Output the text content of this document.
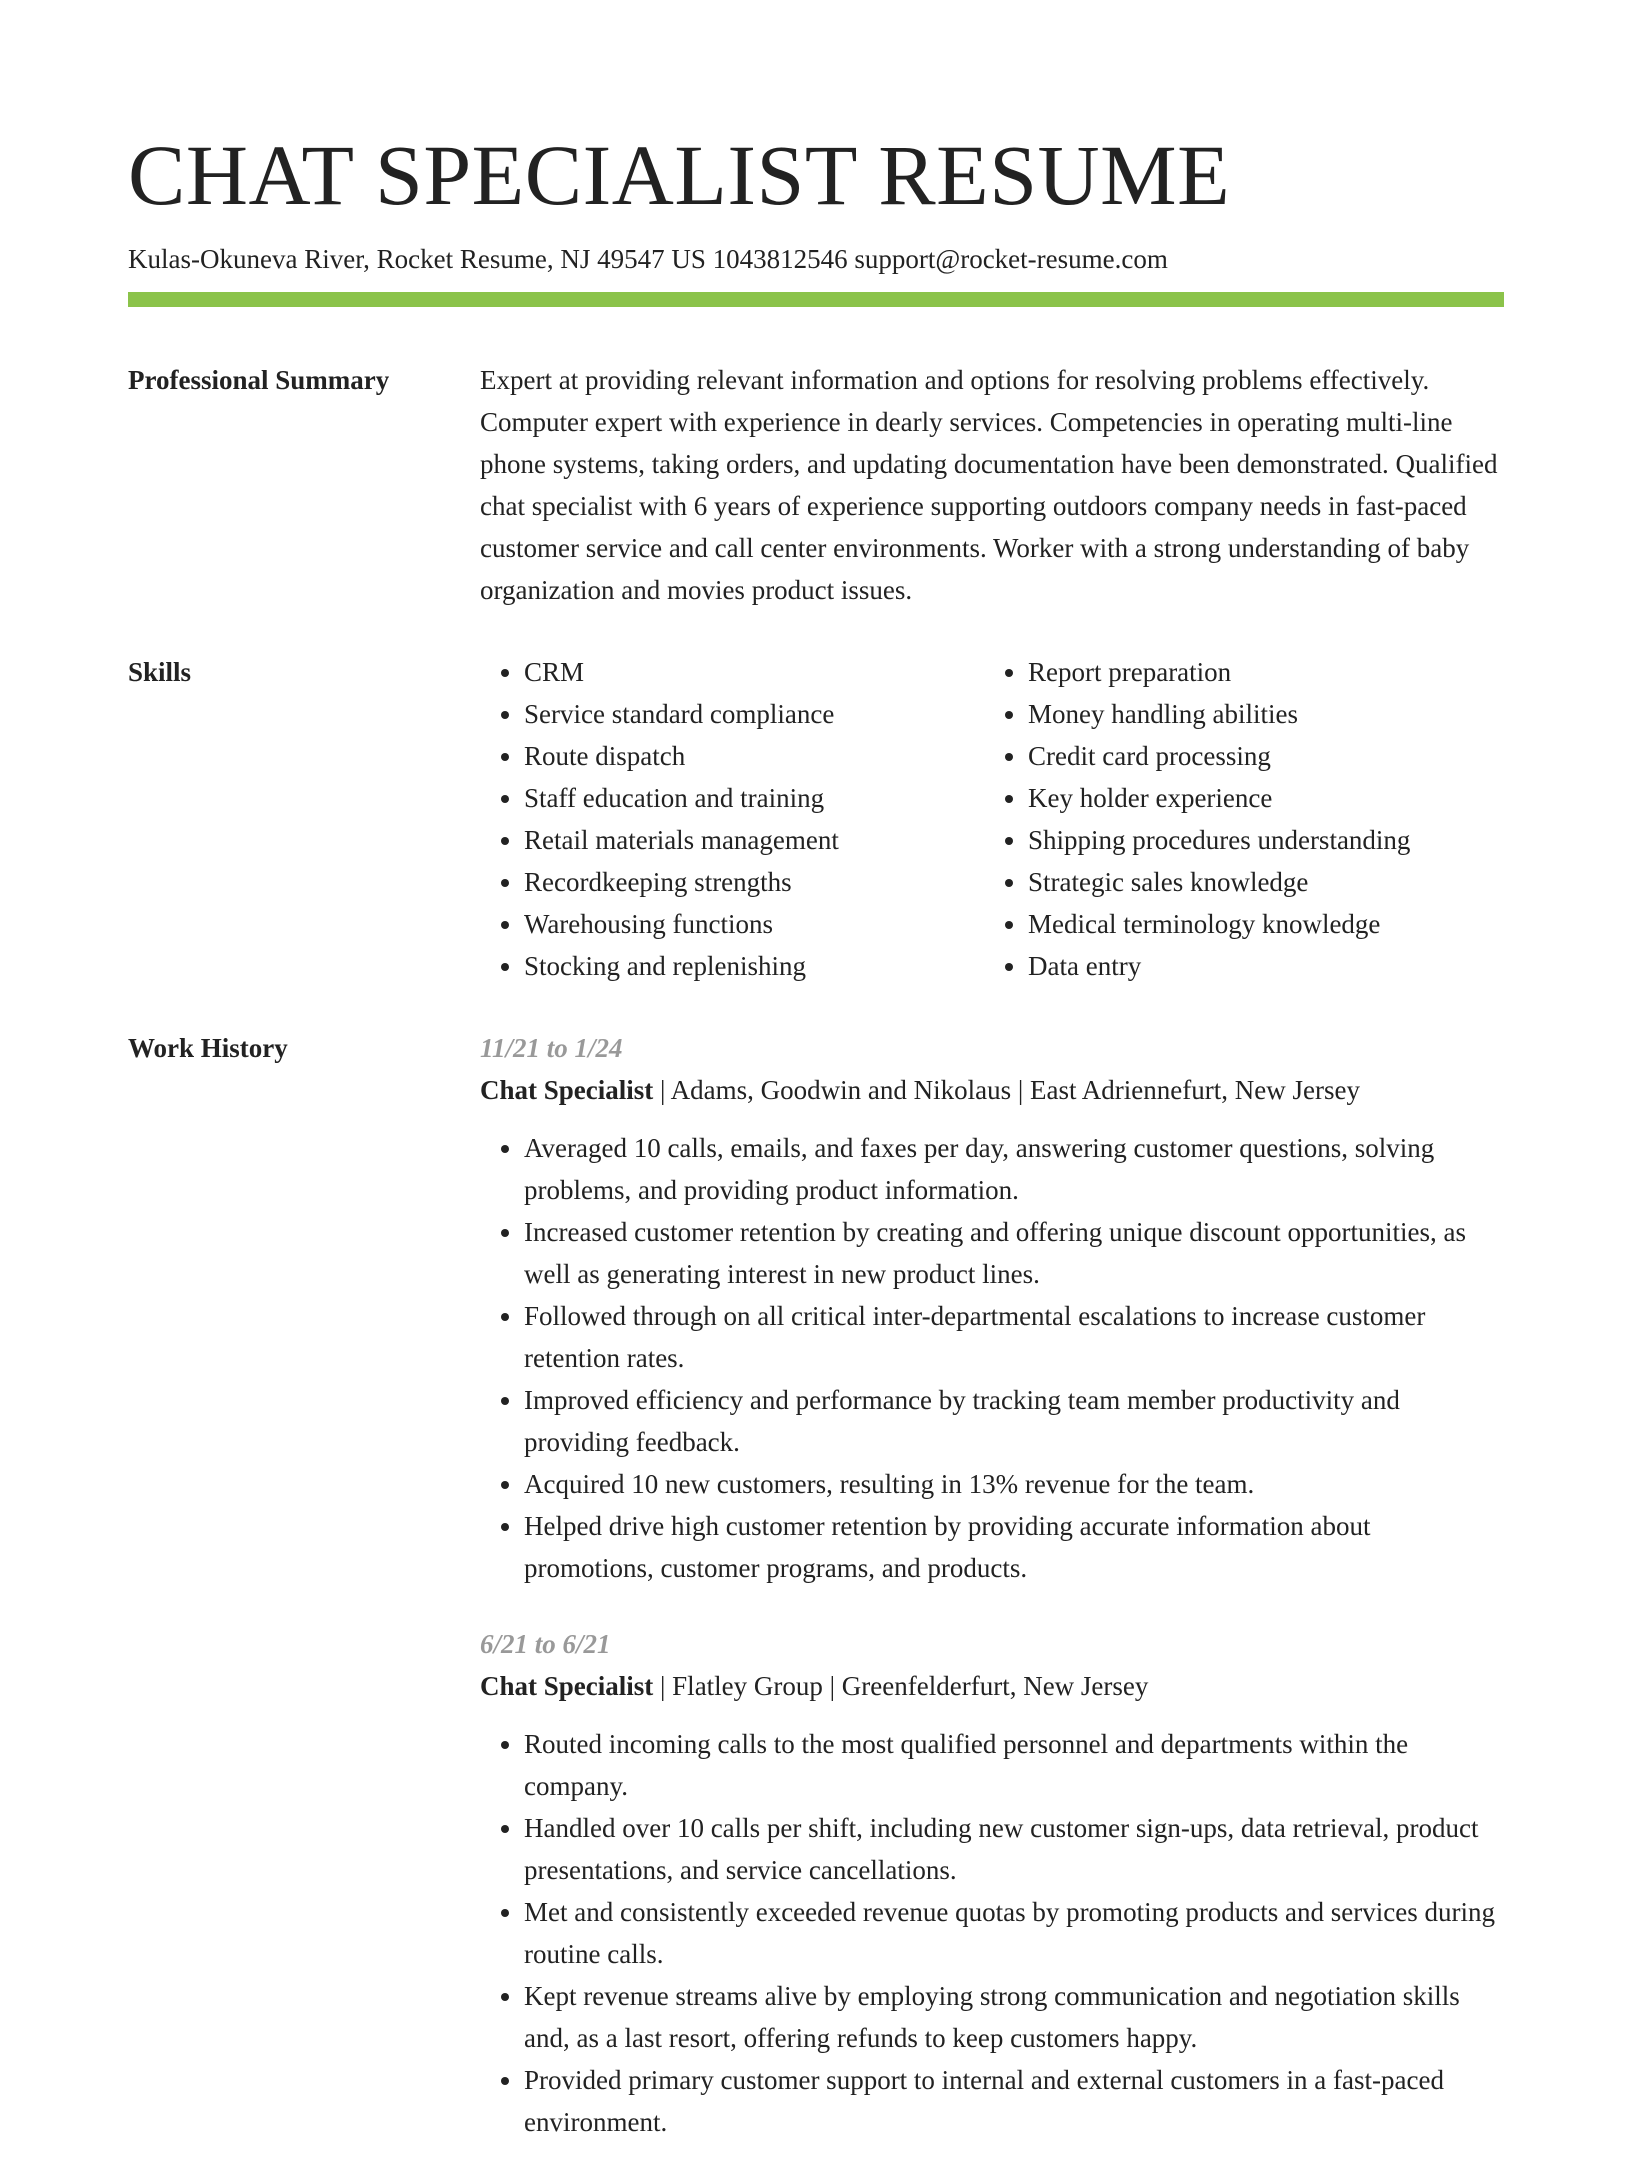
CHAT SPECIALIST RESUME
Kulas-Okuneva River, Rocket Resume, NJ 49547 US 1043812546 support@rocket-resume.com
Professional Summary	Expert at providing relevant information and options for resolving problems effectively. Computer expert with experience in dearly services. Competencies in operating multi-line phone systems, taking orders, and updating documentation have been demonstrated. Qualified chat specialist with 6 years of experience supporting outdoors company needs in fast-paced customer service and call center environments. Worker with a strong understanding of baby organization and movies product issues.

Skills
•	CRM
• Service standard compliance
• Route dispatch
• Staff education and training
• Retail materials management
• Recordkeeping strengths
• Warehousing functions
• Stocking and replenishing
• Report preparation
• Money handling abilities
• Credit card processing
• Key holder experience
• Shipping procedures understanding
• Strategic sales knowledge
• Medical terminology knowledge
• Data entry
Work History	11/21 to 1/24
Chat Specialist | Adams, Goodwin and Nikolaus | East Adriennefurt, New Jersey
• Averaged 10 calls, emails, and faxes per day, answering customer questions, solving problems, and providing product information.
• Increased customer retention by creating and offering unique discount opportunities, as well as generating interest in new product lines.
• Followed through on all critical inter-departmental escalations to increase customer retention rates.
• Improved efficiency and performance by tracking team member productivity and providing feedback.
• Acquired 10 new customers, resulting in 13% revenue for the team.
• Helped drive high customer retention by providing accurate information about promotions, customer programs, and products.
6/21 to 6/21
Chat Specialist | Flatley Group | Greenfelderfurt, New Jersey
• Routed incoming calls to the most qualified personnel and departments within the company.
• Handled over 10 calls per shift, including new customer sign-ups, data retrieval, product presentations, and service cancellations.
• Met and consistently exceeded revenue quotas by promoting products and services during routine calls.
• Kept revenue streams alive by employing strong communication and negotiation skills and, as a last resort, offering refunds to keep customers happy.
• Provided primary customer support to internal and external customers in a fast-paced environment.
